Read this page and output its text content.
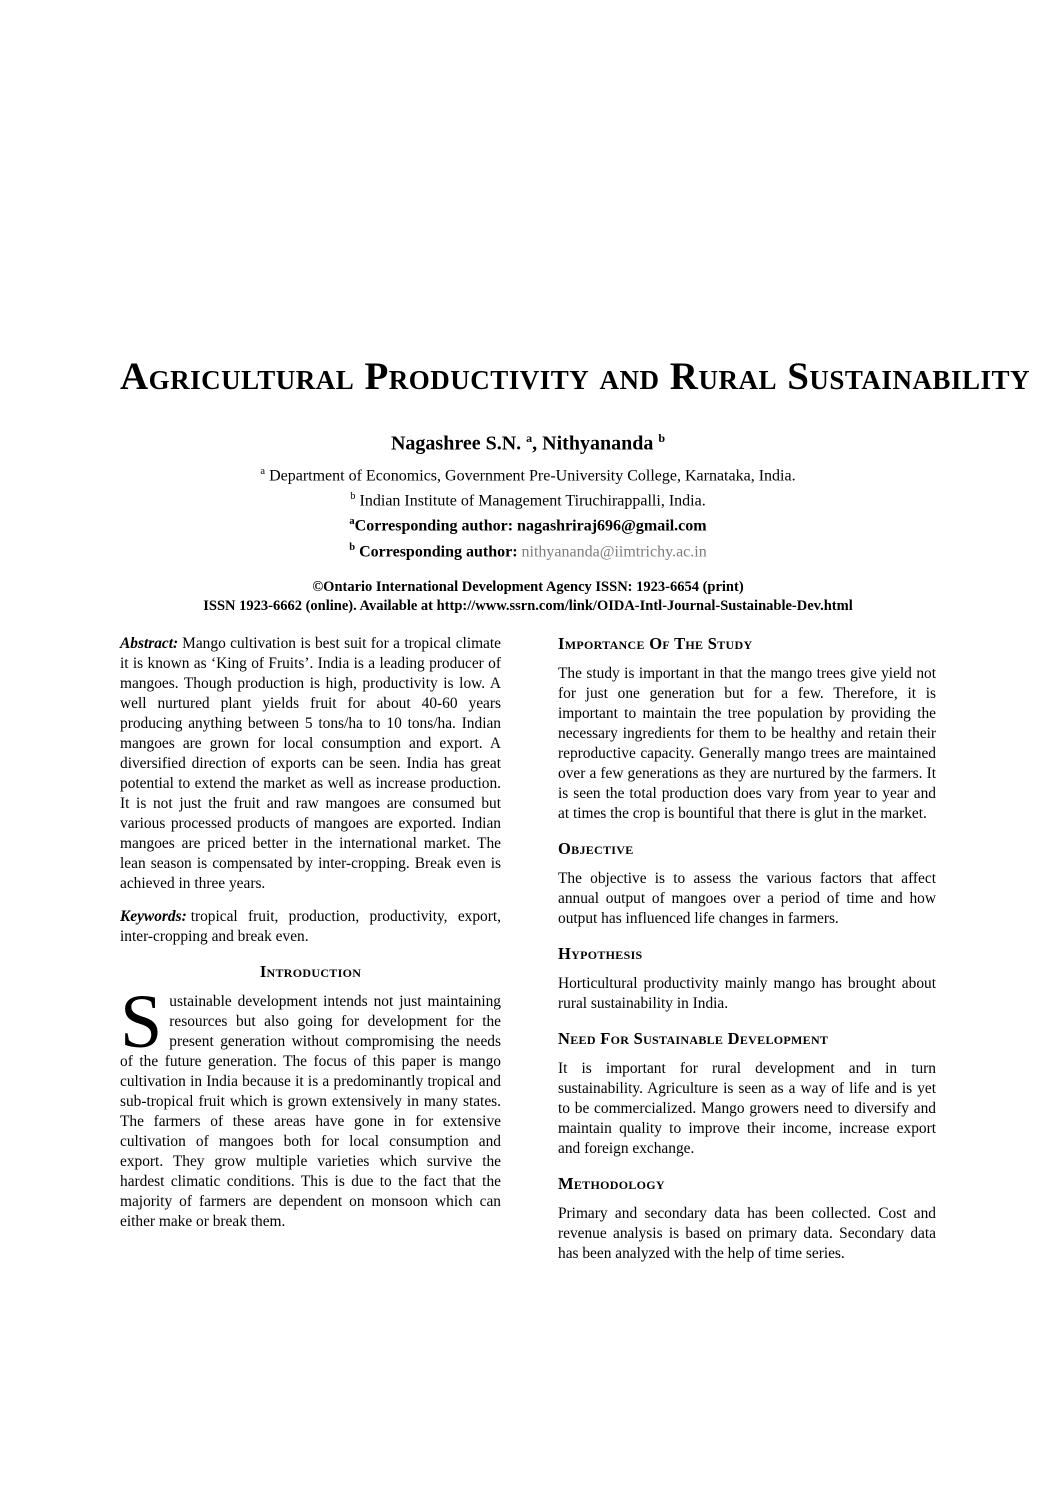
Agricultural Productivity and Rural Sustainability
Nagashree S.N. $^a$, Nithyananda $^b$
$^a$ Department of Economics, Government Pre-University College, Karnataka, India.
$^b$ Indian Institute of Management Tiruchirappalli, India.
$^a$Corresponding author: nagashriraj696@gmail.com
$^b$ Corresponding author: nithyananda@iimtrichy.ac.in
©Ontario International Development Agency ISSN: 1923-6654 (print)
ISSN 1923-6662 (online). Available at http://www.ssrn.com/link/OIDA-Intl-Journal-Sustainable-Dev.html

Abstract: Mango cultivation is best suit for a tropical climate it is known as ‘King of Fruits’. India is a leading producer of mangoes. Though production is high, productivity is low. A well nurtured plant yields fruit for about 40-60 years producing anything between 5 tons/ha to 10 tons/ha. Indian mangoes are grown for local consumption and export. A diversified direction of exports can be seen. India has great potential to extend the market as well as increase production. It is not just the fruit and raw mangoes are consumed but various processed products of mangoes are exported. Indian mangoes are priced better in the international market. The lean season is compensated by inter-cropping. Break even is achieved in three years.

Keywords: tropical fruit, production, productivity, export, inter-cropping and break even.

Introduction

Sustainable development intends not just maintaining resources but also going for development for the present generation without compromising the needs of the future generation. The focus of this paper is mango cultivation in India because it is a predominantly tropical and sub-tropical fruit which is grown extensively in many states. The farmers of these areas have gone in for extensive cultivation of mangoes both for local consumption and export. They grow multiple varieties which survive the hardest climatic conditions. This is due to the fact that the majority of farmers are dependent on monsoon which can either make or break them.

Importance Of The Study

The study is important in that the mango trees give yield not for just one generation but for a few. Therefore, it is important to maintain the tree population by providing the necessary ingredients for them to be healthy and retain their reproductive capacity. Generally mango trees are maintained over a few generations as they are nurtured by the farmers. It is seen the total production does vary from year to year and at times the crop is bountiful that there is glut in the market.

Objective

The objective is to assess the various factors that affect annual output of mangoes over a period of time and how output has influenced life changes in farmers.

Hypothesis

Horticultural productivity mainly mango has brought about rural sustainability in India.

Need For Sustainable Development

It is important for rural development and in turn sustainability. Agriculture is seen as a way of life and is yet to be commercialized. Mango growers need to diversify and maintain quality to improve their income, increase export and foreign exchange.

Methodology

Primary and secondary data has been collected. Cost and revenue analysis is based on primary data. Secondary data has been analyzed with the help of time series.
